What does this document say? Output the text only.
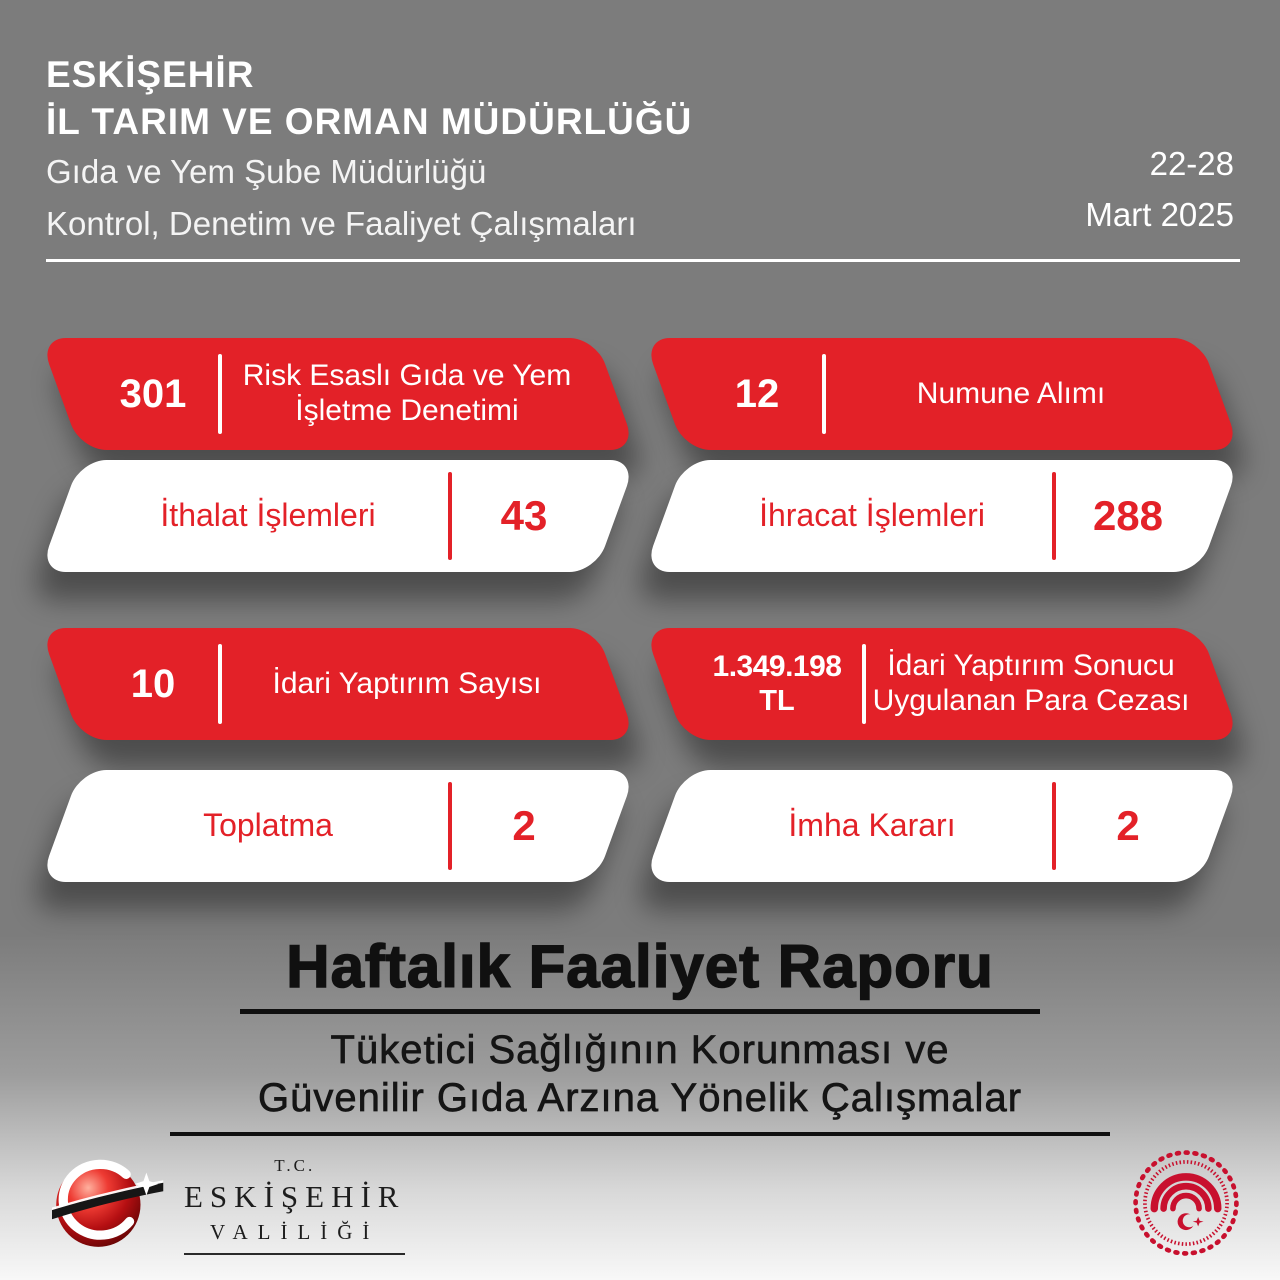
ESKİŞEHİR
İL TARIM VE ORMAN MÜDÜRLÜĞÜ
Gıda ve Yem Şube Müdürlüğü
Kontrol, Denetim ve Faaliyet Çalışmaları
22-28
Mart 2025
301	Risk Esaslı Gıda ve Yem İşletme Denetimi	12	Numune Alımı
İthalat İşlemleri	43	İhracat İşlemleri	288
10	İdari Yaptırım Sayısı
1.349.198
TL
İdari Yaptırım Sonucu Uygulanan Para Cezası
Toplatma	2	İmha Kararı	2
Haftalık Faaliyet Raporu
Tüketici Sağlığının Korunması ve
Güvenilir Gıda Arzına Yönelik Çalışmalar
T.C.
ESKİŞEHİR
VALİLİĞİ
